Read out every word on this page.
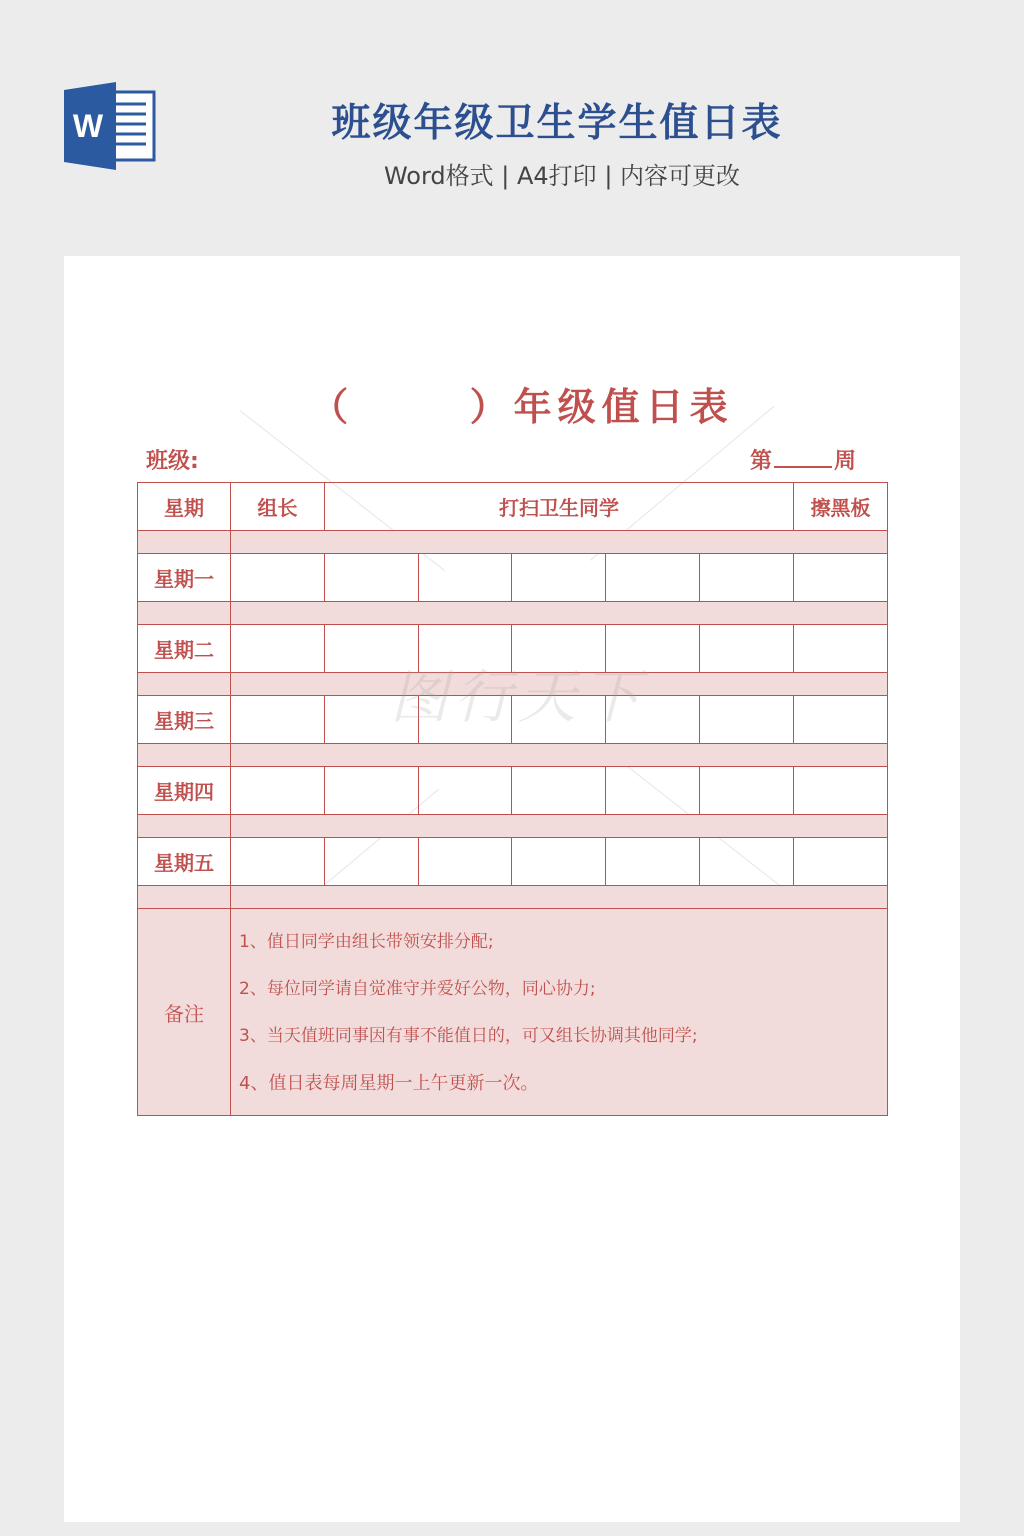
W	班级年级卫生学生值日表
Word格式 | A4打印 | 内容可更改
（      ）年级值日表
班级:	第	周
星期	组长	打扫卫生同学					擦黑板

星期一							

星期二							

星期三							

星期四							

星期五							

备注	1、值日同学由组长带领安排分配;
2、每位同学请自觉准守并爱好公物，同心协力;
3、当天值班同事因有事不能值日的，可又组长协调其他同学;
4、值日表每周星期一上午更新一次。						
图行天下
